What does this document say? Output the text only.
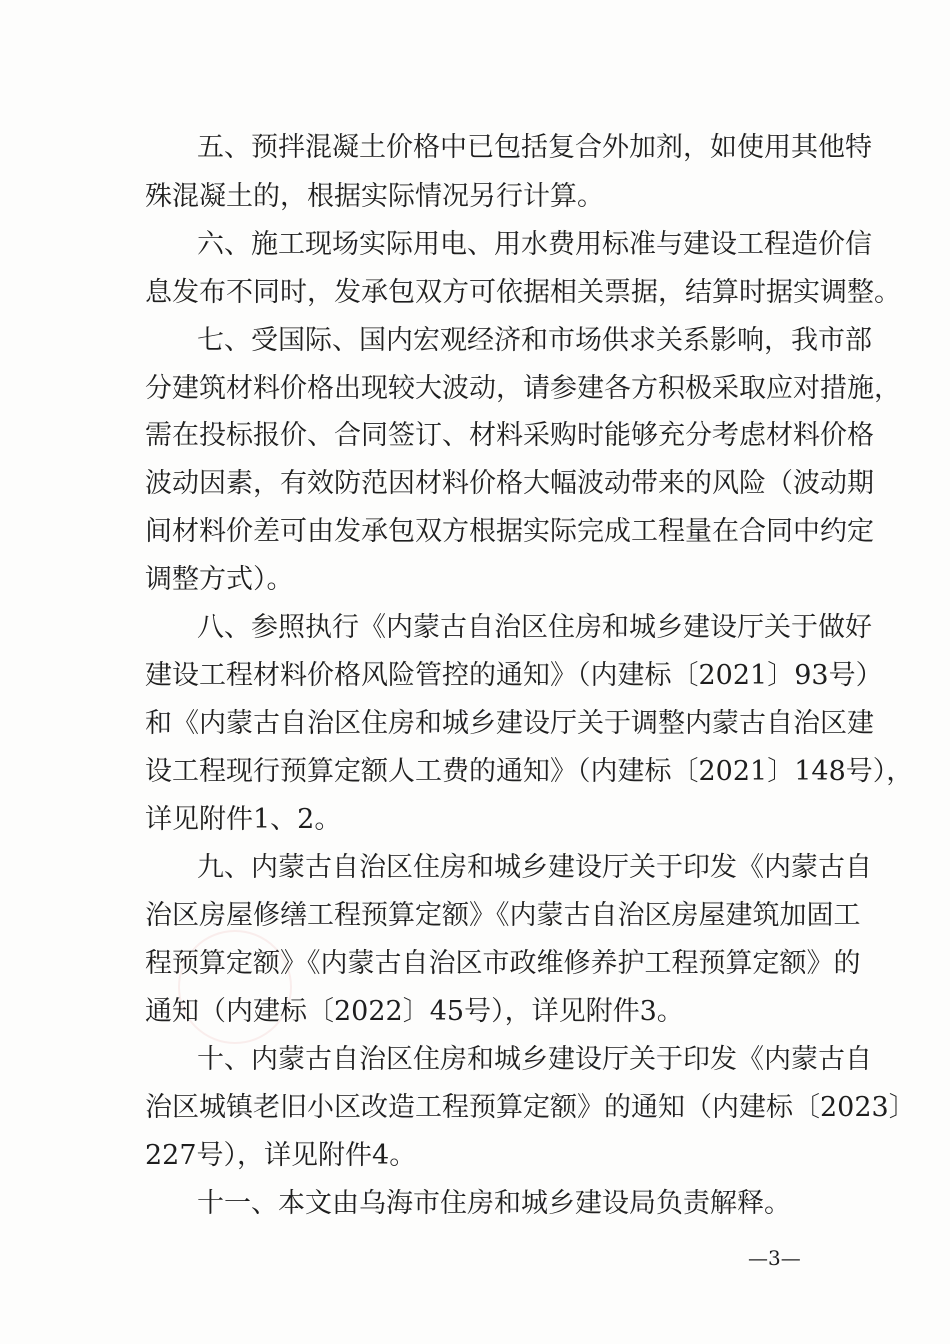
五、预拌混凝土价格中已包括复合外加剂，如使用其他特
殊混凝土的，根据实际情况另行计算。
六、施工现场实际用电、用水费用标准与建设工程造价信
息发布不同时，发承包双方可依据相关票据，结算时据实调整。
七、受国际、国内宏观经济和市场供求关系影响，我市部
分建筑材料价格出现较大波动，请参建各方积极采取应对措施，
需在投标报价、合同签订、材料采购时能够充分考虑材料价格
波动因素，有效防范因材料价格大幅波动带来的风险（波动期
间材料价差可由发承包双方根据实际完成工程量在合同中约定
调整方式）。
八、参照执行《内蒙古自治区住房和城乡建设厅关于做好
建设工程材料价格风险管控的通知》（内建标〔2021〕93号）
和《内蒙古自治区住房和城乡建设厅关于调整内蒙古自治区建
设工程现行预算定额人工费的通知》（内建标〔2021〕148号），
详见附件1、2。
九、内蒙古自治区住房和城乡建设厅关于印发《内蒙古自
治区房屋修缮工程预算定额》《内蒙古自治区房屋建筑加固工
程预算定额》《内蒙古自治区市政维修养护工程预算定额》的
通知（内建标〔2022〕45号），详见附件3。
十、内蒙古自治区住房和城乡建设厅关于印发《内蒙古自
治区城镇老旧小区改造工程预算定额》的通知（内建标〔2023〕
227号），详见附件4。
十一、本文由乌海市住房和城乡建设局负责解释。
—3—
